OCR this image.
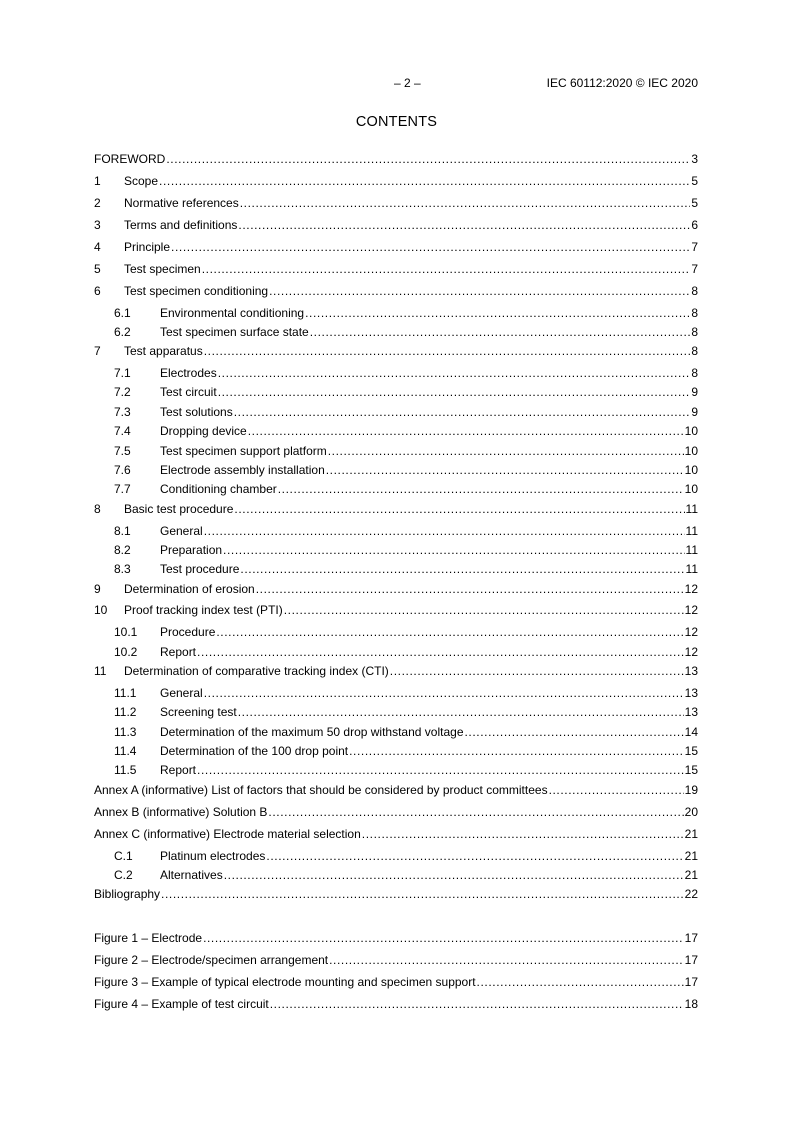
– 2 –	IEC 60112:2020 © IEC 2020
CONTENTS
FOREWORD .....	3
1	Scope .....	5
2	Normative references .....	5
3	Terms and definitions .....	6
4	Principle .....	7
5	Test specimen .....	7
6	Test specimen conditioning .....	8
6.1	Environmental conditioning .....	8
6.2	Test specimen surface state .....	8
7	Test apparatus .....	8
7.1	Electrodes .....	8
7.2	Test circuit .....	9
7.3	Test solutions .....	9
7.4	Dropping device .....	10
7.5	Test specimen support platform .....	10
7.6	Electrode assembly installation .....	10
7.7	Conditioning chamber .....	10
8	Basic test procedure .....	11
8.1	General .....	11
8.2	Preparation .....	11
8.3	Test procedure .....	11
9	Determination of erosion .....	12
10	Proof tracking index test (PTI) .....	12
10.1	Procedure .....	12
10.2	Report .....	12
11	Determination of comparative tracking index (CTI) .....	13
11.1	General .....	13
11.2	Screening test .....	13
11.3	Determination of the maximum 50 drop withstand voltage .....	14
11.4	Determination of the 100 drop point .....	15
11.5	Report .....	15
Annex A (informative) List of factors that should be considered by product committees .....	19
Annex B (informative) Solution B .....	20
Annex C (informative) Electrode material selection .....	21
C.1	Platinum electrodes .....	21
C.2	Alternatives .....	21
Bibliography .....	22
Figure 1 – Electrode .....	17
Figure 2 – Electrode/specimen arrangement .....	17
Figure 3 – Example of typical electrode mounting and specimen support .....	17
Figure 4 – Example of test circuit .....	18
